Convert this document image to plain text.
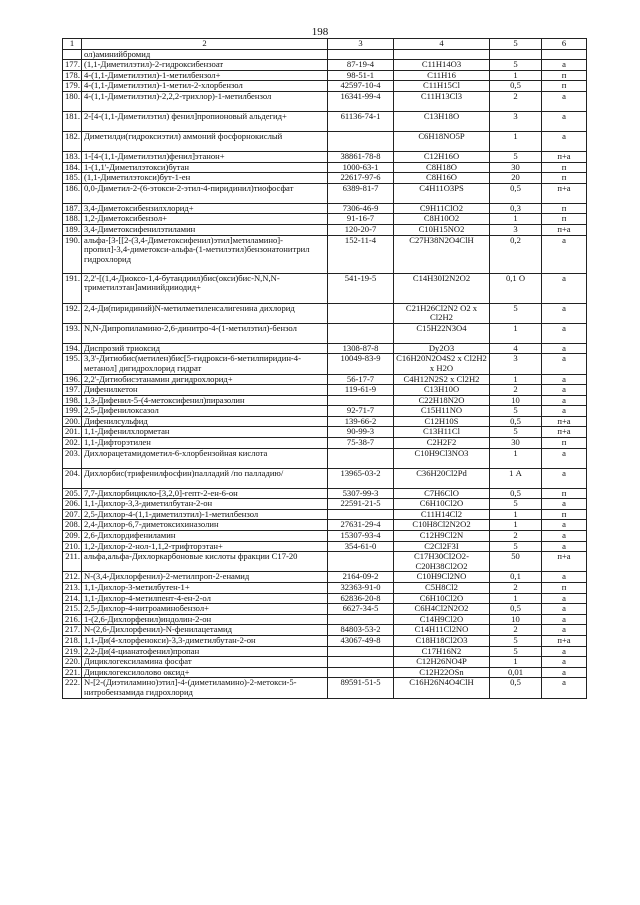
198
1	2	3	4	5	6
	ол)аминийбромид				
177.	(1,1-Диметилэтил)-2-гидроксибензоат	87-19-4	C11H14O3	5	а
178.	4-(1,1-Диметилэтил)-1-метилбензол+	98-51-1	C11H16	1	п
179.	4-(1,1-Диметилэтил)-1-метил-2-хлорбензол	42597-10-4	C11H15Cl	0,5	п
180.	4-(1,1-Диметилэтил)-2,2,2-трихлор)-1-метилбензол	16341-99-4	C11H13Cl3	2	а
181.	2-[4-(1,1-Диметилэтил) фенил]пропионовый альдегид+	61136-74-1	C13H18O	3	а
182.	Диметилди(гидроксиэтил) аммоний фосфорнокислый		C6H18NO5P	1	а
183.	1-[4-(1,1-Диметилэтил)фенил]этанон+	38861-78-8	C12H16O	5	п+а
184.	1-(1,1'-Диметилэтокси)бутан	1000-63-1	C8H18O	30	п
185.	(1,1-Диметилэтокси)бут-1-ен	22617-97-6	C8H16O	20	п
186.	0,0-Диметил-2-(6-этокси-2-этил-4-пиридинил)тиофосфат	6389-81-7	C4H11O3PS	0,5	п+а
187.	3,4-Диметоксибензилхлорид+	7306-46-9	C9H11ClO2	0,3	п
188.	1,2-Диметоксибензол+	91-16-7	C8H10O2	1	п
189.	3,4-Диметоксифенилэтиламин	120-20-7	C10H15NO2	3	п+а
190.	альфа-[3-[[2-(3,4-Диметоксифенил)этил]метиламино]- пропил]-3,4-диметокси-альфа-(1-метилэтил)бензонатонитрил гидрохлорид	152-11-4	C27H38N2O4ClH	0,2	а
191.	2,2'-[(1,4-Диоксо-1,4-бутандиил)бис(окси)бис-N,N,N-триметилэтан]аминийдииодид+	541-19-5	C14H30I2N2O2	0,1 О	а
192.	2,4-Ди(пиридиний)N-метилметиленсалигенина дихлорид		C21H26Cl2N2 O2 x Cl2H2	5	а
193.	N,N-Дипропиламино-2,6-динитро-4-(1-метилэтил)-бензол		C15H22N3O4	1	а
194.	Диспрозий триоксид	1308-87-8	Dy2O3	4	а
195.	3,3'-Дитиобис(метилен)бис[5-гидрокси-6-метилпиридин-4-метанол] дигидрохлорид гидрат	10049-83-9	C16H20N2O4S2 x Cl2H2 x H2O	3	а
196.	2,2'-Дитиобисэтанамин дигидрохлорид+	56-17-7	C4H12N2S2 x Cl2H2	1	а
197.	Дифенилкетон	119-61-9	C13H10O	2	а
198.	1,3-Дифенил-5-(4-метоксифенил)пиразолин		C22H18N2O	10	а
199.	2,5-Дифенилоксазол	92-71-7	C15H11NO	5	а
200.	Дифенилсульфид	139-66-2	C12H10S	0,5	п+а
201.	1,1-Дифенилхлорметан	90-99-3	C13H11Cl	5	п+а
202.	1,1-Дифторэтилен	75-38-7	C2H2F2	30	п
203.	Дихлорацетамидометил-6-хлорбензойная кислота		C10H9Cl3NO3	1	а
204.	Дихлорбис(трифенилфосфин)палладий /по палладию/	13965-03-2	C36H20Cl2Pd	1 А	а
205.	7,7-Дихлорбицикло-[3,2,0]-гепт-2-ен-6-он	5307-99-3	C7H6ClO	0,5	п
206.	1,1-Дихлор-3,3-диметилбутан-2-он	22591-21-5	C6H10Cl2O	5	а
207.	2,5-Дихлор-4-(1,1-диметилэтил)-1-метилбензол		C11H14Cl2	1	п
208.	2,4-Дихлор-6,7-диметоксихиназолин	27631-29-4	C10H8Cl2N2O2	1	а
209.	2,6-Дихлордифениламин	15307-93-4	C12H9Cl2N	2	а
210.	1,2-Дихлор-2-нол-1,1,2-трифторэтан+	354-61-0	C2Cl2F3I	5	а
211.	альфа,альфа-Дихлоркарбоновые кислоты фракции C17-20		C17H30Cl2O2-C20H38Cl2O2	50	п+а
212.	N-(3,4-Дихлорфенил)-2-метилпроп-2-енамид	2164-09-2	C10H9Cl2NO	0,1	а
213.	1,1-Дихлор-3-метилбутен-1+	32363-91-0	C5H8Cl2	2	п
214.	1,1-Дихлор-4-метилпент-4-ен-2-ол	62836-20-8	C6H10Cl2O	1	а
215.	2,5-Дихлор-4-нитроаминобензол+	6627-34-5	C6H4Cl2N2O2	0,5	а
216.	1-(2,6-Дихлорфенил)индолин-2-он		C14H9Cl2O	10	а
217.	N-(2,6-Дихлорфенил)-N-фенилацетамид	84803-53-2	C14H11Cl2NO	2	а
218.	1,1-Ди(4-хлорфенокси)-3,3-диметилбутан-2-он	43067-49-8	C18H18Cl2O3	5	п+а
219.	2,2-Ди(4-цианатофенил)пропан		C17H16N2	5	а
220.	Дициклогексиламина фосфат		C12H26NO4P	1	а
221.	Дициклогексилолово оксид+		C12H22OSn	0,01	а
222.	N-[2-(Диэтиламино)этил]-4-(диметиламино)-2-метокси-5-нитробензамида гидрохлорид	89591-51-5	C16H26N4O4ClH	0,5	а
